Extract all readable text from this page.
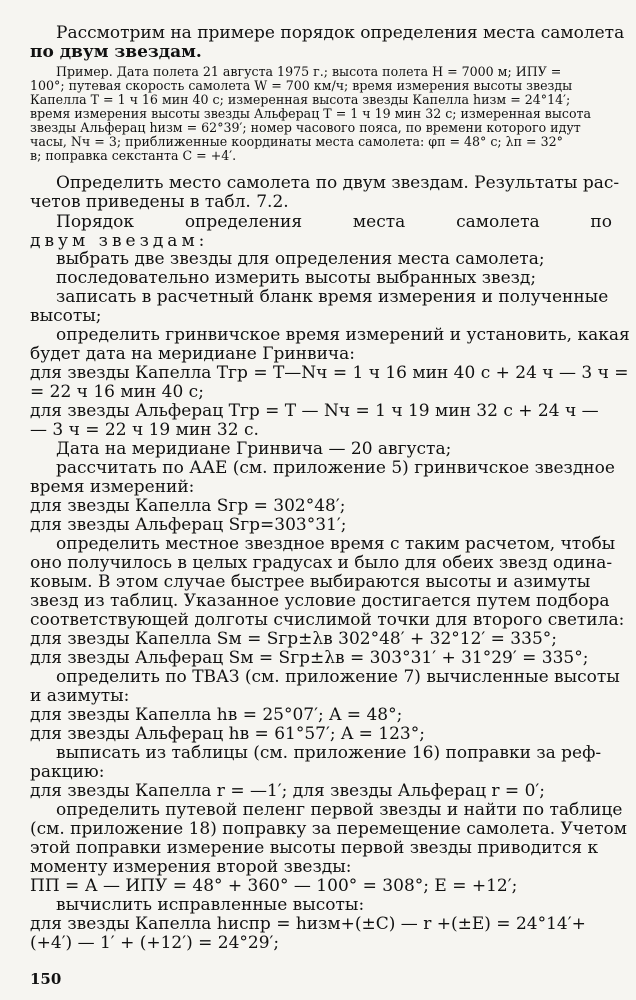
Рассмотрим на примере порядок определения места самолета
по двум звездам.
Пример. Дата полета 21 августа 1975 г.; высота полета H = 7000 м; ИПУ =
100°; путевая скорость самолета W = 700 км/ч; время измерения высоты звезды
Капелла T = 1 ч 16 мин 40 с; измеренная высота звезды Капелла hизм = 24°14′;
время измерения высоты звезды Альферац T = 1 ч 19 мин 32 с; измеренная высота
звезды Альферац hизм = 62°39′; номер часового пояса, по времени которого идут
часы, Nч = 3; приближенные координаты места самолета: φп = 48° с; λп = 32°
в; поправка секстанта C = +4′.
Определить место самолета по двум звездам. Результаты рас-
четов приведены в табл. 7.2.
Порядок	определения	места	самолета	по
двум звездам:
выбрать две звезды для определения места самолета;
последовательно измерить высоты выбранных звезд;
записать в расчетный бланк время измерения и полученные
высоты;
определить гринвичское время измерений и установить, какая
будет дата на меридиане Гринвича:
для звезды Капелла Tгр = T—Nч = 1 ч 16 мин 40 с + 24 ч — 3 ч =
= 22 ч 16 мин 40 с;
для звезды Альферац Tгр = T — Nч = 1 ч 19 мин 32 с + 24 ч —
— 3 ч = 22 ч 19 мин 32 с.
Дата на меридиане Гринвича — 20 августа;
рассчитать по ААЕ (см. приложение 5) гринвичское звездное
время измерений:
для звезды Капелла Sгр = 302°48′;
для звезды Альферац Sгр=303°31′;
определить местное звездное время с таким расчетом, чтобы
оно получилось в целых градусах и было для обеих звезд одина-
ковым. В этом случае быстрее выбираются высоты и азимуты
звезд из таблиц. Указанное условие достигается путем подбора
соответствующей долготы счислимой точки для второго светила:
для звезды Капелла Sм = Sгр±λв 302°48′ + 32°12′ = 335°;
для звезды Альферац Sм = Sгр±λв = 303°31′ + 31°29′ = 335°;
определить по ТВАЗ (см. приложение 7) вычисленные высоты
и азимуты:
для звезды Капелла hв = 25°07′; A = 48°;
для звезды Альферац hв = 61°57′; A = 123°;
выписать из таблицы (см. приложение 16) поправки за реф-
ракцию:
для звезды Капелла r = —1′; для звезды Альферац r = 0′;
определить путевой пеленг первой звезды и найти по таблице
(см. приложение 18) поправку за перемещение самолета. Учетом
этой поправки измерение высоты первой звезды приводится к
моменту измерения второй звезды:
ПП = А — ИПУ = 48° + 360° — 100° = 308°; E = +12′;
вычислить исправленные высоты:
для звезды Капелла hиспр = hизм+(±C) — r +(±E) = 24°14′+
(+4′) — 1′ + (+12′) = 24°29′;
150
